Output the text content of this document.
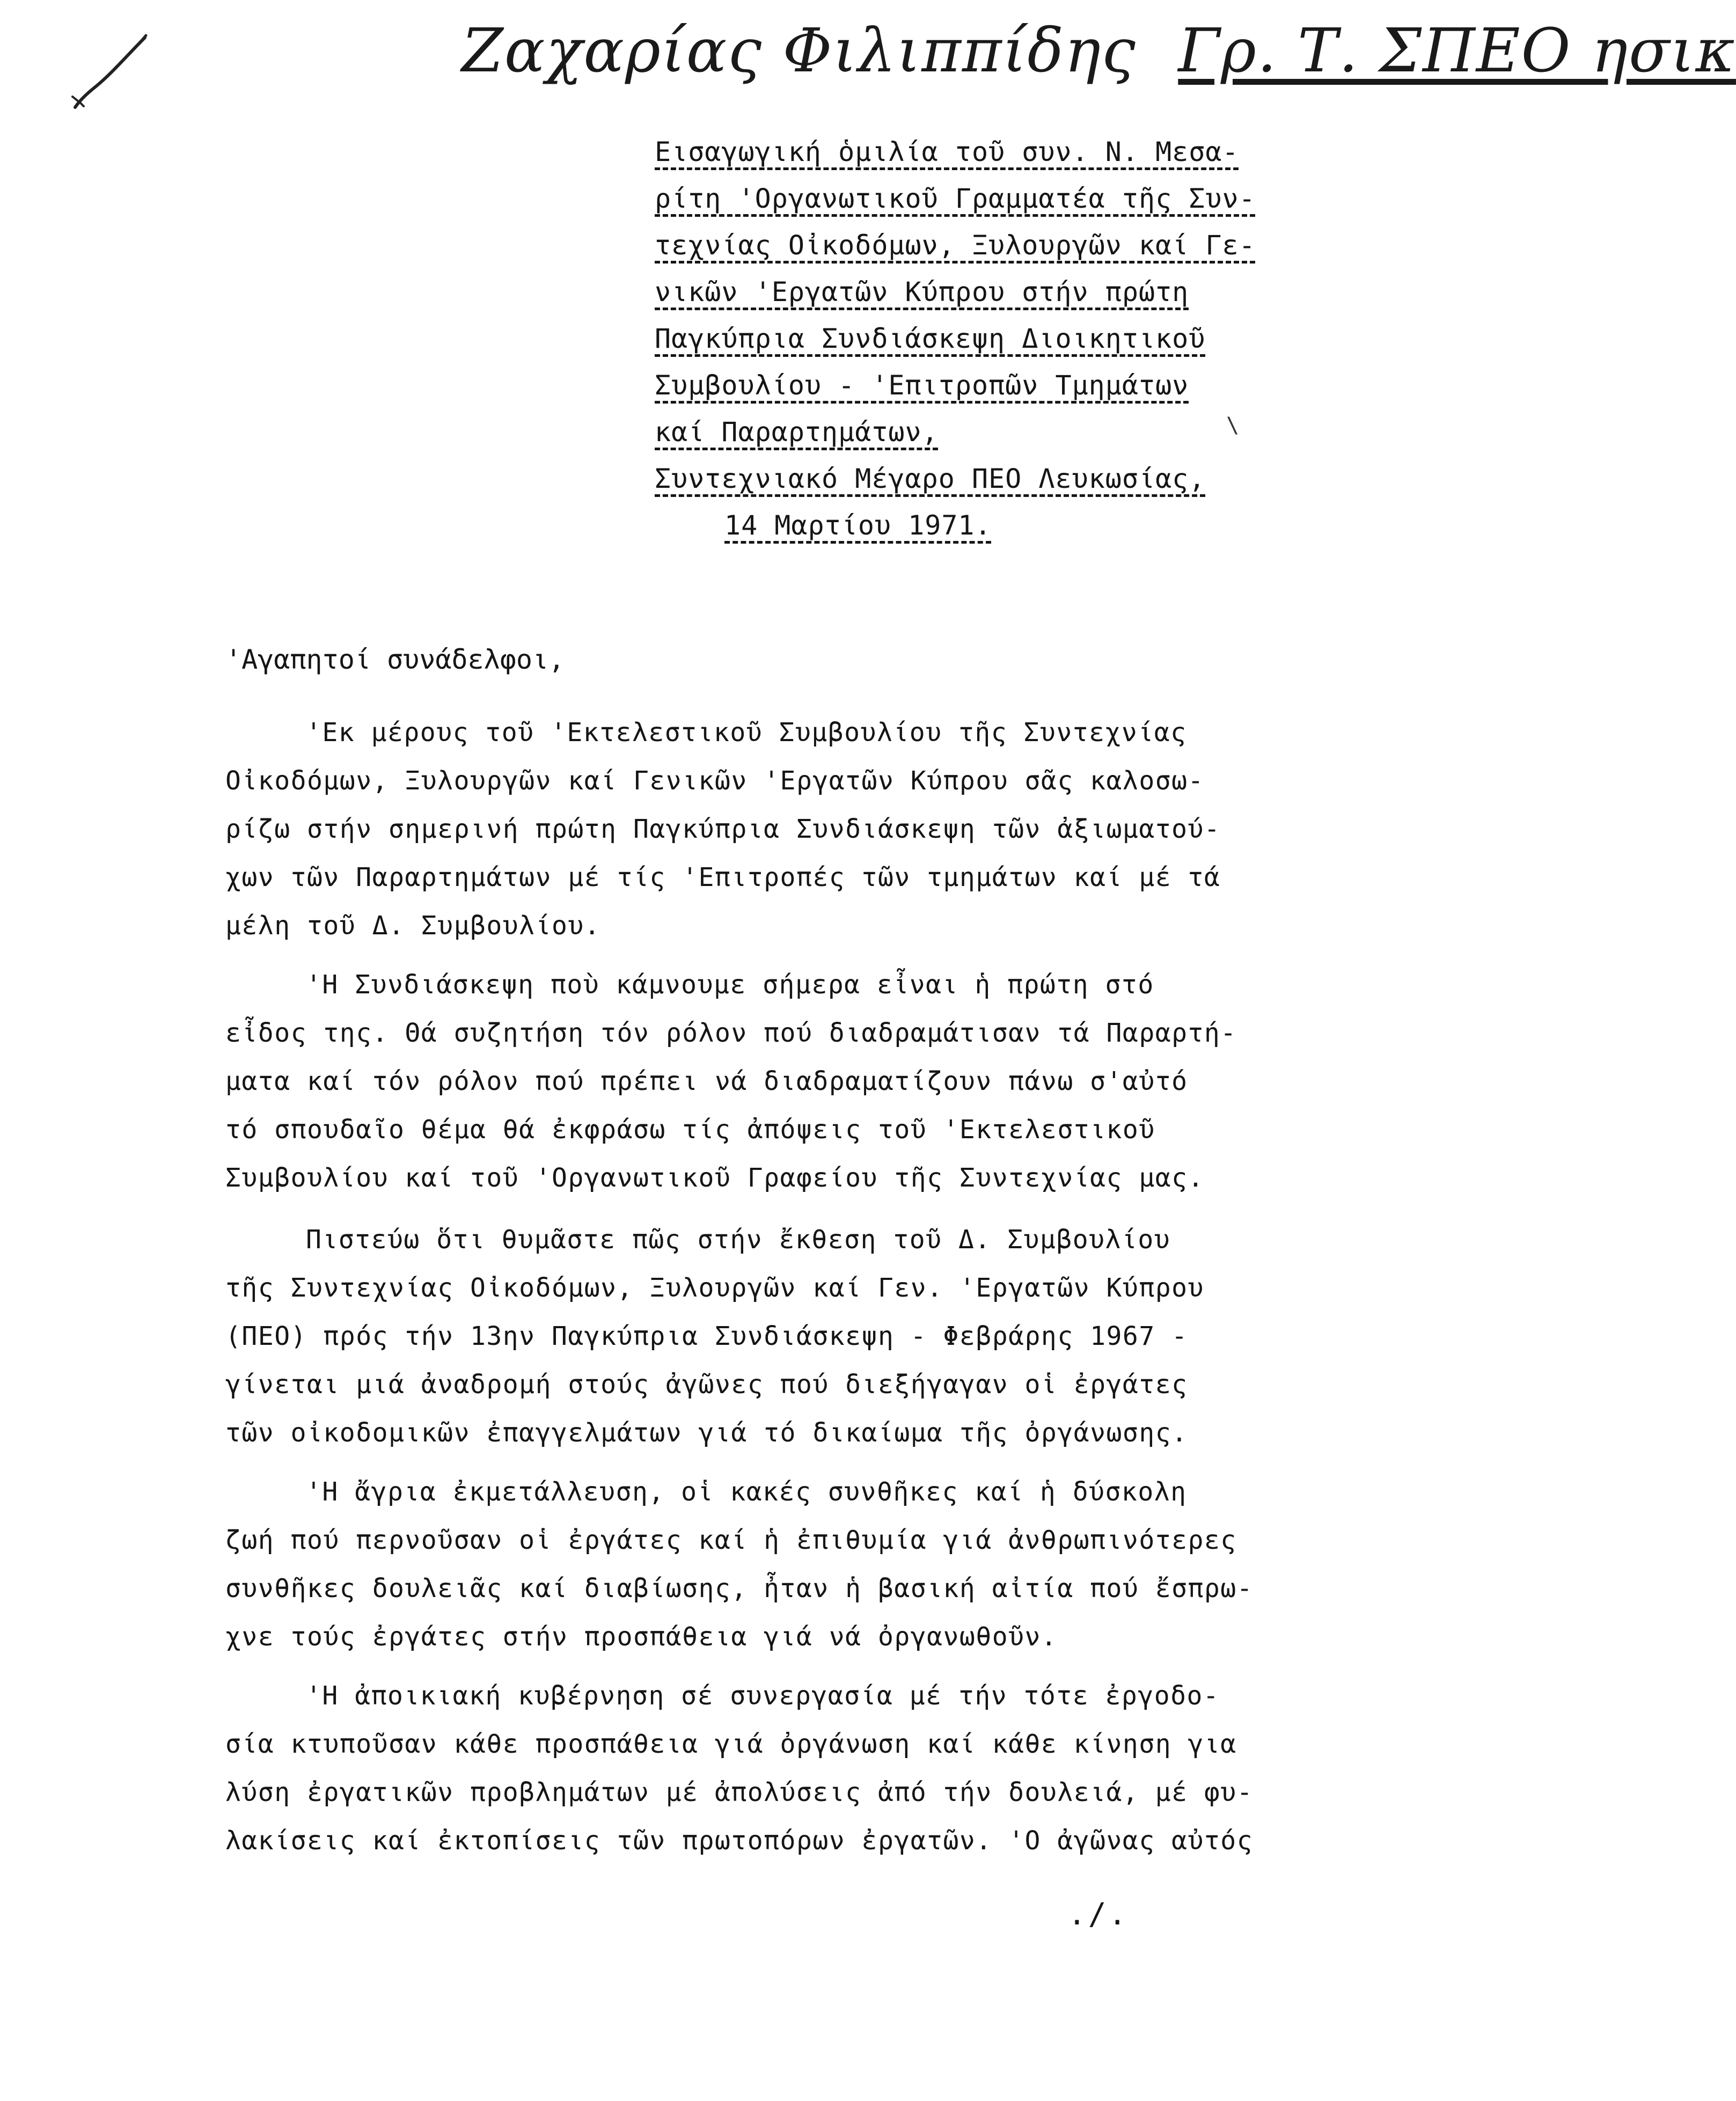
Ζαχαρίας Φιλιππίδης Γρ. Τ. ΣΠΕΟ ησικ
Εισαγωγική ὁμιλία τοῦ συν. Ν. Μεσα-
ρίτη 'Οργανωτικοῦ Γραμματέα τῆς Συν-
τεχνίας Οἰκοδόμων, Ξυλουργῶν καί Γε-
νικῶν 'Εργατῶν Κύπρου στήν πρώτη
Παγκύπρια Συνδιάσκεψη Διοικητικοῦ
Συμβουλίου - 'Επιτροπῶν Τμημάτων
καί Παραρτημάτων,
Συντεχνιακό Μέγαρο ΠΕΟ Λευκωσίας,
14 Μαρτίου 1971.
\
'Αγαπητοί συνάδελφοι,
'Εκ μέρους τοῦ 'Εκτελεστικοῦ Συμβουλίου τῆς Συντεχνίας
Οἰκοδόμων, Ξυλουργῶν καί Γενικῶν 'Εργατῶν Κύπρου σᾶς καλοσω-
ρίζω στήν σημερινή πρώτη Παγκύπρια Συνδιάσκεψη τῶν ἀξιωματού-
χων τῶν Παραρτημάτων μέ τίς 'Επιτροπές τῶν τμημάτων καί μέ τά
μέλη τοῦ Δ. Συμβουλίου.
'Η Συνδιάσκεψη ποὺ κάμνουμε σήμερα εἶναι ἡ πρώτη στό
εἶδος της. Θά συζητήση τόν ρόλον πού διαδραμάτισαν τά Παραρτή-
ματα καί τόν ρόλον πού πρέπει νά διαδραματίζουν πάνω σ'αὐτό
τό σπουδαῖο θέμα θά ἐκφράσω τίς ἀπόψεις τοῦ 'Εκτελεστικοῦ
Συμβουλίου καί τοῦ 'Οργανωτικοῦ Γραφείου τῆς Συντεχνίας μας.
Πιστεύω ὅτι θυμᾶστε πῶς στήν ἔκθεση τοῦ Δ. Συμβουλίου
τῆς Συντεχνίας Οἰκοδόμων, Ξυλουργῶν καί Γεν. 'Εργατῶν Κύπρου
(ΠΕΟ) πρός τήν 13ην Παγκύπρια Συνδιάσκεψη - Φεβράρης 1967 -
γίνεται μιά ἀναδρομή στούς ἀγῶνες πού διεξήγαγαν οἱ ἐργάτες
τῶν οἰκοδομικῶν ἐπαγγελμάτων γιά τό δικαίωμα τῆς ὀργάνωσης.
'Η ἄγρια ἐκμετάλλευση, οἱ κακές συνθῆκες καί ἡ δύσκολη
ζωή πού περνοῦσαν οἱ ἐργάτες καί ἡ ἐπιθυμία γιά ἀνθρωπινότερες
συνθῆκες δουλειᾶς καί διαβίωσης, ἦταν ἡ βασική αἰτία πού ἔσπρω-
χνε τούς ἐργάτες στήν προσπάθεια γιά νά ὀργανωθοῦν.
'Η ἀποικιακή κυβέρνηση σέ συνεργασία μέ τήν τότε ἐργοδο-
σία κτυποῦσαν κάθε προσπάθεια γιά ὀργάνωση καί κάθε κίνηση για
λύση ἐργατικῶν προβλημάτων μέ ἀπολύσεις ἀπό τήν δουλειά, μέ φυ-
λακίσεις καί ἐκτοπίσεις τῶν πρωτοπόρων ἐργατῶν. 'Ο ἀγῶνας αὐτός
./.
